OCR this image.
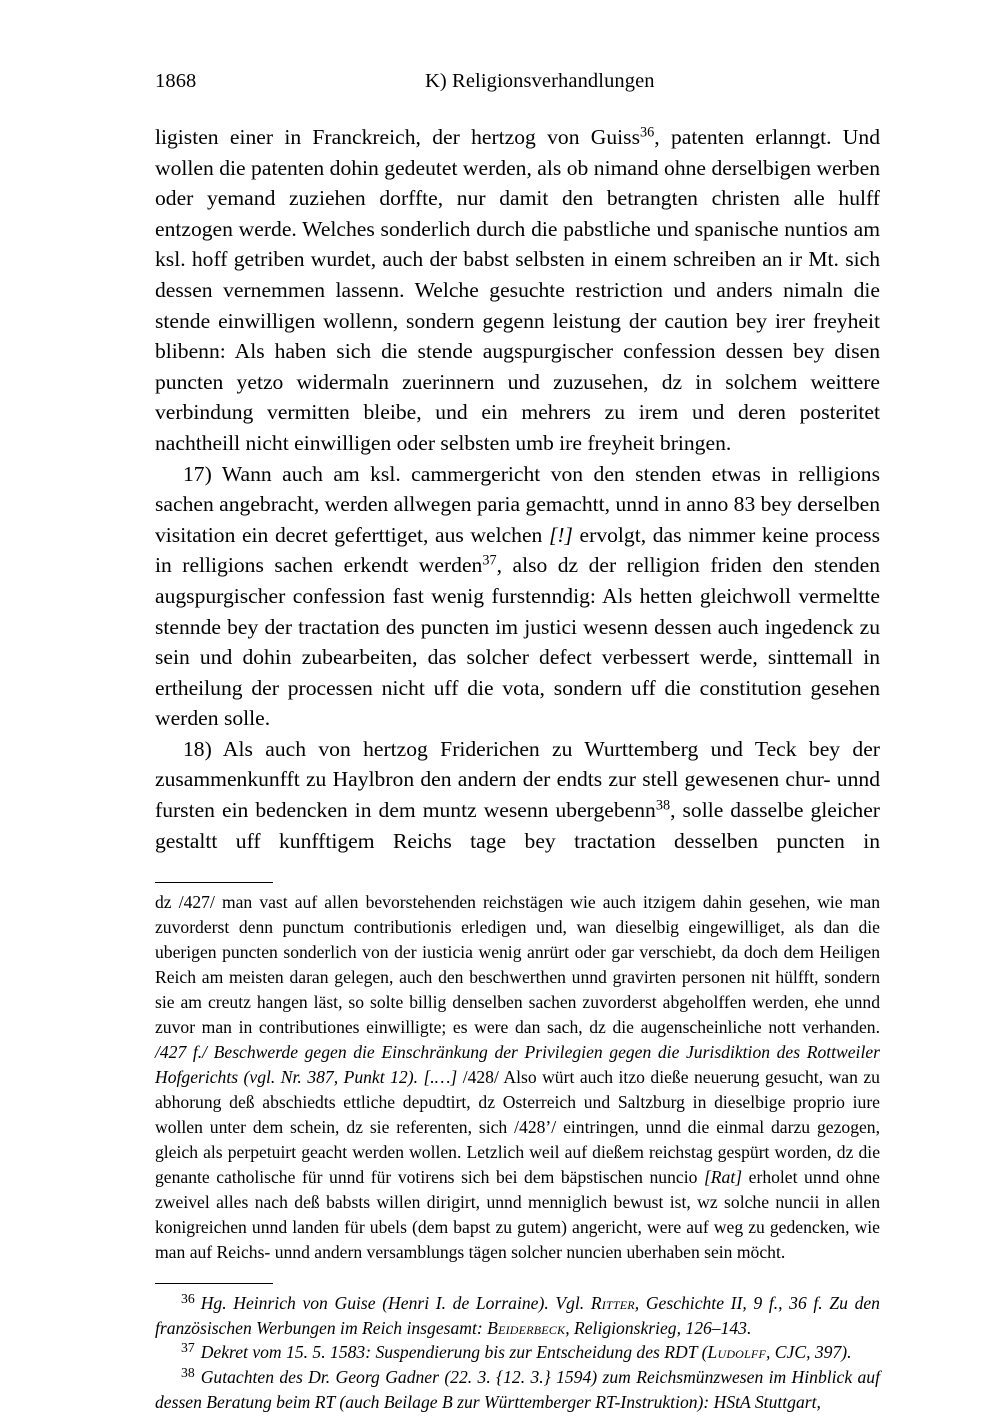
1868	K) Religionsverhandlungen

ligisten einer in Franckreich, der hertzog von Guiss$^{36}$, patenten erlanngt. Und wollen die patenten dohin gedeutet werden, als ob nimand ohne derselbigen werben oder yemand zuziehen dorffte, nur damit den betrangten christen alle hulff entzogen werde. Welches sonderlich durch die pabstliche und spanische nuntios am ksl. hoff getriben wurdet, auch der babst selbsten in einem schreiben an ir Mt. sich dessen vernemmen lassenn. Welche gesuchte restriction und anders nimaln die stende einwilligen wollenn, sondern gegenn leistung der caution bey irer freyheit blibenn: Als haben sich die stende augspurgischer confession dessen bey disen puncten yetzo widermaln zuerinnern und zuzusehen, dz in solchem weittere verbindung vermitten bleibe, und ein mehrers zu irem und deren posteritet nachtheill nicht einwilligen oder selbsten umb ire freyheit bringen.

17) Wann auch am ksl. cammergericht von den stenden etwas in relligions sachen angebracht, werden allwegen paria gemachtt, unnd in anno 83 bey derselben visitation ein decret geferttiget, aus welchen [!] ervolgt, das nimmer keine process in relligions sachen erkendt werden$^{37}$, also dz der relligion friden den stenden augspurgischer confession fast wenig furstenndig: Als hetten gleichwoll vermeltte stennde bey der tractation des puncten im justici wesenn dessen auch ingedenck zu sein und dohin zubearbeiten, das solcher defect verbessert werde, sinttemall in ertheilung der processen nicht uff die vota, sondern uff die constitution gesehen werden solle.

18) Als auch von hertzog Friderichen zu Wurttemberg und Teck bey der zusammenkunfft zu Haylbron den andern der endts zur stell gewesenen chur- unnd fursten ein bedencken in dem muntz wesenn ubergebenn$^{38}$, solle dasselbe gleicher gestaltt uff kunfftigem Reichs tage bey tractation desselben puncten in

dz /427/ man vast auf allen bevorstehenden reichstägen wie auch itzigem dahin gesehen, wie man zuvorderst denn punctum contributionis erledigen und, wan dieselbig eingewilliget, als dan die uberigen puncten sonderlich von der iusticia wenig anrürt oder gar verschiebt, da doch dem Heiligen Reich am meisten daran gelegen, auch den beschwerthen unnd gravirten personen nit hülfft, sondern sie am creutz hangen läst, so solte billig denselben sachen zuvorderst abgeholffen werden, ehe unnd zuvor man in contributiones einwilligte; es were dan sach, dz die augenscheinliche nott verhanden. /427 f./ Beschwerde gegen die Einschränkung der Privilegien gegen die Jurisdiktion des Rottweiler Hofgerichts (vgl. Nr. 387, Punkt 12). [.…] /428/ Also würt auch itzo dieße neuerung gesucht, wan zu abhorung deß abschiedts ettliche depudtirt, dz Osterreich und Saltzburg in dieselbige proprio iure wollen unter dem schein, dz sie referenten, sich /428’/ eintringen, unnd die einmal darzu gezogen, gleich als perpetuirt geacht werden wollen. Letzlich weil auf dießem reichstag gespürt worden, dz die genante catholische für unnd für votirens sich bei dem bäpstischen nuncio [Rat] erholet unnd ohne zweivel alles nach deß babsts willen dirigirt, unnd menniglich bewust ist, wz solche nuncii in allen konigreichen unnd landen für ubels (dem bapst zu gutem) angericht, were auf weg zu gedencken, wie man auf Reichs- unnd andern versamblungs tägen solcher nuncien uberhaben sein möcht.

$^{36}$ Hg. Heinrich von Guise (Henri I. de Lorraine). Vgl. Ritter, Geschichte II, 9 f., 36 f. Zu den französischen Werbungen im Reich insgesamt: Beiderbeck, Religionskrieg, 126–143.

$^{37}$ Dekret vom 15. 5. 1583: Suspendierung bis zur Entscheidung des RDT (Ludolff, CJC, 397).

$^{38}$ Gutachten des Dr. Georg Gadner (22. 3. {12. 3.} 1594) zum Reichsmünzwesen im Hinblick auf dessen Beratung beim RT (auch Beilage B zur Württemberger RT-Instruktion): HStA Stuttgart,
